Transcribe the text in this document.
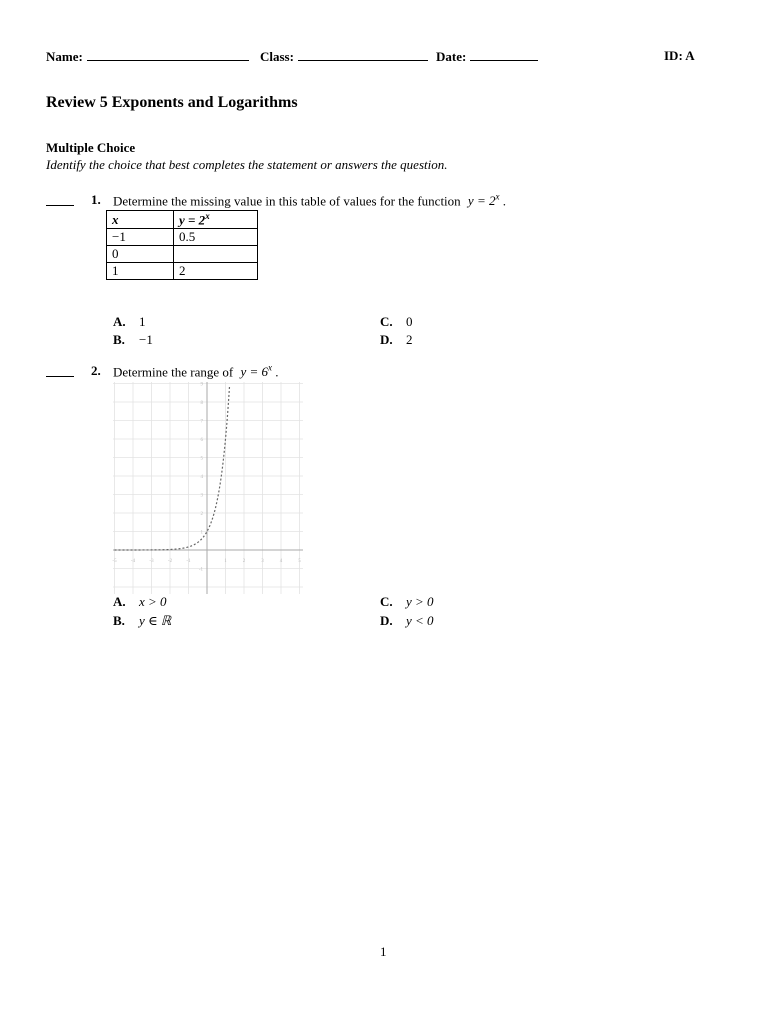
Name:	Class:	Date:	ID: A
Review 5 Exponents and Logarithms
Multiple Choice
Identify the choice that best completes the statement or answers the question.
1. Determine the missing value in this table of values for the function $y = 2^x$ .
x	$y = 2^x$
−1	0.5
0	
1	2
A. 1
B. −1
C. 0
D. 2
2. Determine the range of $y = 6^x$ .
-5	-4	-3	-2	-1	1	2	3	4	5
9
8
7
6
5
4
3
2
1
-1
A. x > 0
B. y ∈ ℝ
C. y > 0
D. y < 0
1
